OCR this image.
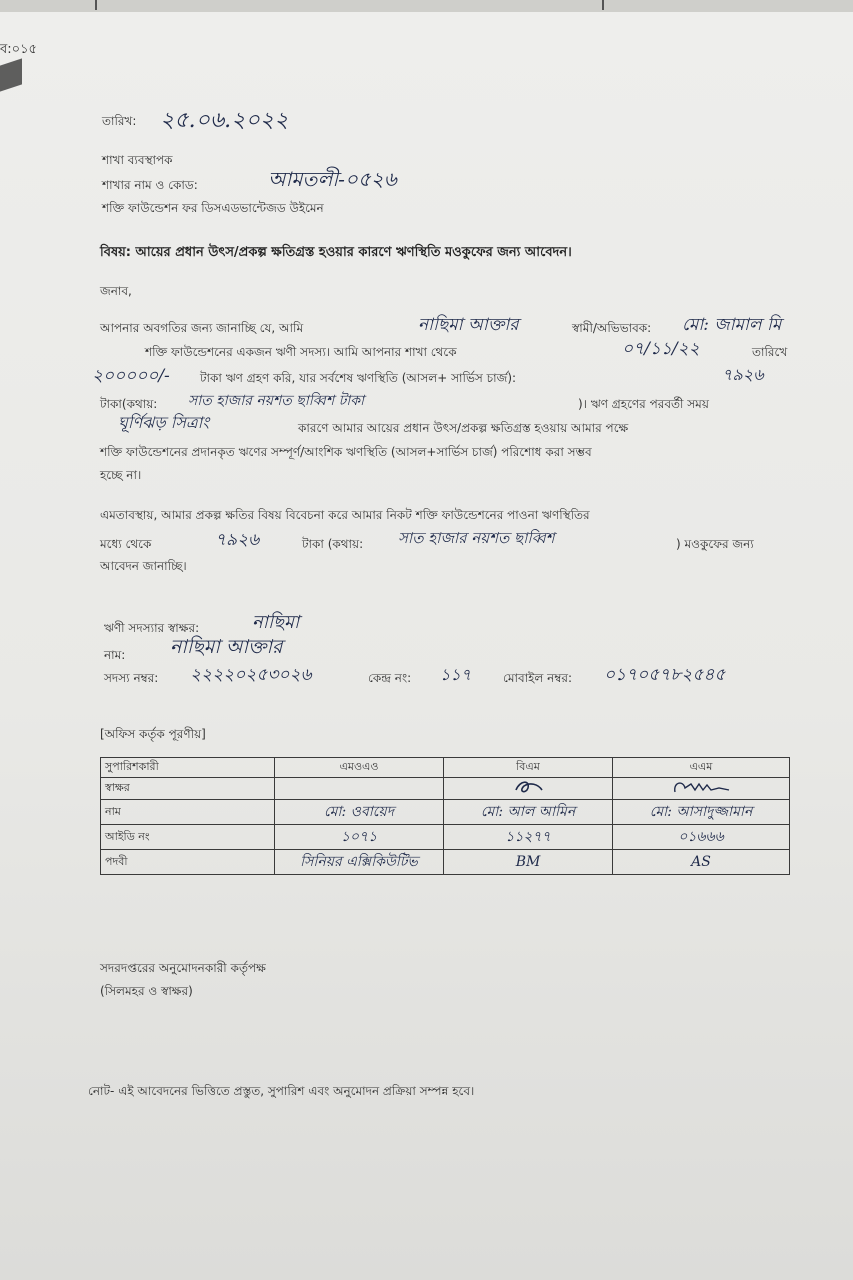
ব:০১৫
তারিখ: ২৫.০৬.২০২২
শাখা ব্যবস্থাপক
শাখার নাম ও কোড:	আমতলী-০৫২৬
শক্তি ফাউন্ডেশন ফর ডিসএডভান্টেজড উইমেন
বিষয়: আয়ের প্রধান উৎস/প্রকল্প ক্ষতিগ্রস্ত হওয়ার কারণে ঋণস্থিতি মওকুফের জন্য আবেদন।
জনাব,
আপনার অবগতির জন্য জানাচ্ছি যে, আমি	নাছিমা আক্তার	স্বামী/অভিভাবক: মো: জামাল মি
শক্তি ফাউন্ডেশনের একজন ঋণী সদস্য। আমি আপনার শাখা থেকে	০৭/১১/২২	তারিখে
২০০০০০/-	টাকা ঋণ গ্রহণ করি, যার সর্বশেষ ঋণস্থিতি (আসল+ সার্ভিস চার্জ):	৭৯২৬
টাকা(কথায়: সাত হাজার নয়শত ছাব্বিশ টাকা	)। ঋণ গ্রহণের পরবর্তী সময়
ঘূর্ণিঝড় সিত্রাং	কারণে আমার আয়ের প্রধান উৎস/প্রকল্প ক্ষতিগ্রস্ত হওয়ায় আমার পক্ষে
শক্তি ফাউন্ডেশনের প্রদানকৃত ঋণের সম্পূর্ণ/আংশিক ঋণস্থিতি (আসল+সার্ভিস চার্জ) পরিশোধ করা সম্ভব
হচ্ছে না।
এমতাবস্থায়, আমার প্রকল্প ক্ষতির বিষয় বিবেচনা করে আমার নিকট শক্তি ফাউন্ডেশনের পাওনা ঋণস্থিতির
মধ্যে থেকে	৭৯২৬	টাকা (কথায়: সাত হাজার নয়শত ছাব্বিশ	) মওকুফের জন্য
আবেদন জানাচ্ছি।
ঋণী সদস্যার স্বাক্ষর:	নাছিমা
নাম: নাছিমা আক্তার
সদস্য নম্বর: ২২২২০২৫৩০২৬	কেন্দ্র নং: ১১৭	মোবাইল নম্বর: ০১৭০৫৭৮২৫৪৫
[অফিস কর্তৃক পূরণীয়]
সুপারিশকারী	এমওএও	বিএম	এএম
স্বাক্ষর			
নাম	মো: ওবায়েদ	মো: আল আমিন	মো: আসাদুজ্জামান
আইডি নং	১০৭১	১১২৭৭	০১৬৬৬
পদবী	সিনিয়র এক্সিকিউটিভ	BM	AS
সদরদপ্তরের অনুমোদনকারী কর্তৃপক্ষ
(সিলমহর ও স্বাক্ষর)
নোট- এই আবেদনের ভিত্তিতে প্রস্তুত, সুপারিশ এবং অনুমোদন প্রক্রিয়া সম্পন্ন হবে।
